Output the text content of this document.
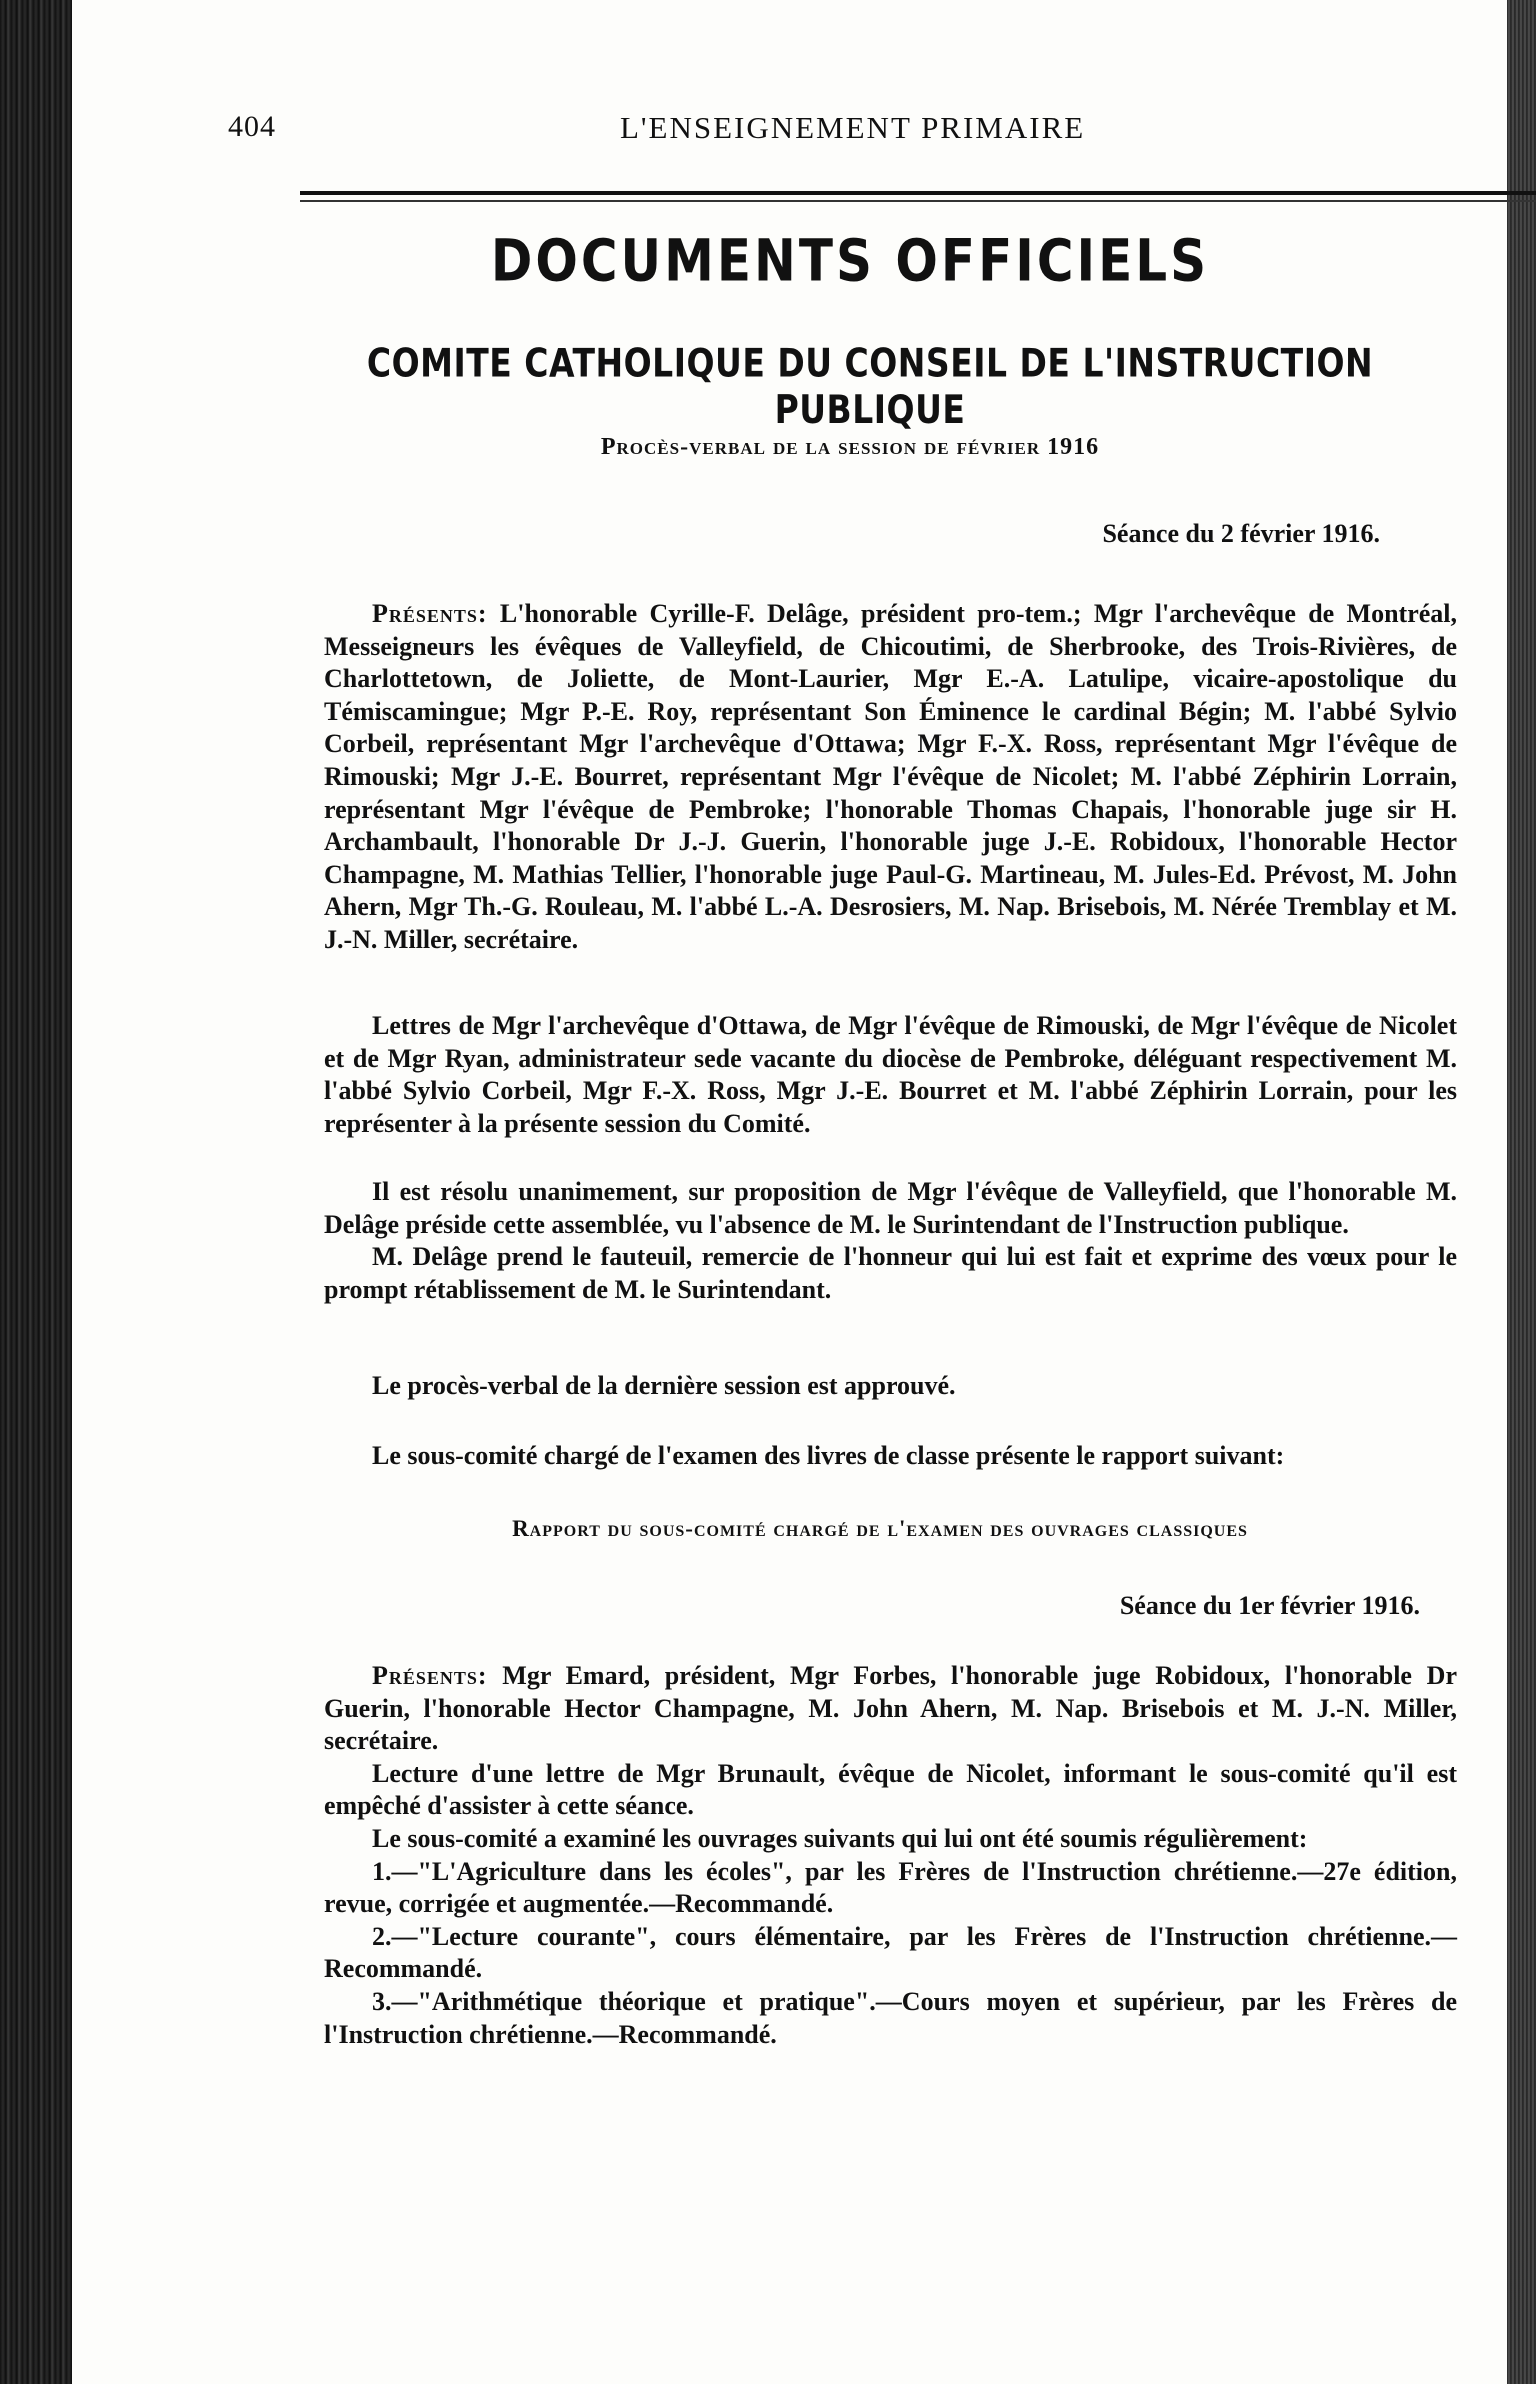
404	L'ENSEIGNEMENT PRIMAIRE
DOCUMENTS OFFICIELS
COMITE CATHOLIQUE DU CONSEIL DE L'INSTRUCTION PUBLIQUE
Procès-verbal de la session de février 1916
Séance du 2 février 1916.

Présents: L'honorable Cyrille-F. Delâge, président pro-tem.; Mgr l'archevêque de Montréal, Messeigneurs les évêques de Valleyfield, de Chicoutimi, de Sherbrooke, des Trois-Rivières, de Charlottetown, de Joliette, de Mont-Laurier, Mgr E.-A. Latulipe, vicaire-apostolique du Témiscamingue; Mgr P.-E. Roy, représentant Son Éminence le cardinal Bégin; M. l'abbé Sylvio Corbeil, représentant Mgr l'archevêque d'Ottawa; Mgr F.-X. Ross, représentant Mgr l'évêque de Rimouski; Mgr J.-E. Bourret, représentant Mgr l'évêque de Nicolet; M. l'abbé Zéphirin Lorrain, représentant Mgr l'évêque de Pembroke; l'honorable Thomas Chapais, l'honorable juge sir H. Archambault, l'honorable Dr J.-J. Guerin, l'honorable juge J.-E. Robidoux, l'honorable Hector Champagne, M. Mathias Tellier, l'honorable juge Paul-G. Martineau, M. Jules-Ed. Prévost, M. John Ahern, Mgr Th.-G. Rouleau, M. l'abbé L.-A. Desrosiers, M. Nap. Brisebois, M. Nérée Tremblay et M. J.-N. Miller, secrétaire.

Lettres de Mgr l'archevêque d'Ottawa, de Mgr l'évêque de Rimouski, de Mgr l'évêque de Nicolet et de Mgr Ryan, administrateur sede vacante du diocèse de Pembroke, déléguant respectivement M. l'abbé Sylvio Corbeil, Mgr F.-X. Ross, Mgr J.-E. Bourret et M. l'abbé Zéphirin Lorrain, pour les représenter à la présente session du Comité.

Il est résolu unanimement, sur proposition de Mgr l'évêque de Valleyfield, que l'honorable M. Delâge préside cette assemblée, vu l'absence de M. le Surintendant de l'Instruction publique.

M. Delâge prend le fauteuil, remercie de l'honneur qui lui est fait et exprime des vœux pour le prompt rétablissement de M. le Surintendant.

Le procès-verbal de la dernière session est approuvé.

Le sous-comité chargé de l'examen des livres de classe présente le rapport suivant:

Rapport du sous-comité chargé de l'examen des ouvrages classiques
Séance du 1er février 1916.

Présents: Mgr Emard, président, Mgr Forbes, l'honorable juge Robidoux, l'honorable Dr Guerin, l'honorable Hector Champagne, M. John Ahern, M. Nap. Brisebois et M. J.-N. Miller, secrétaire.

Lecture d'une lettre de Mgr Brunault, évêque de Nicolet, informant le sous-comité qu'il est empêché d'assister à cette séance.

Le sous-comité a examiné les ouvrages suivants qui lui ont été soumis régulièrement:

1.—"L'Agriculture dans les écoles", par les Frères de l'Instruction chrétienne.—27e édition, revue, corrigée et augmentée.—Recommandé.

2.—"Lecture courante", cours élémentaire, par les Frères de l'Instruction chrétienne.—Recommandé.

3.—"Arithmétique théorique et pratique".—Cours moyen et supérieur, par les Frères de l'Instruction chrétienne.—Recommandé.
